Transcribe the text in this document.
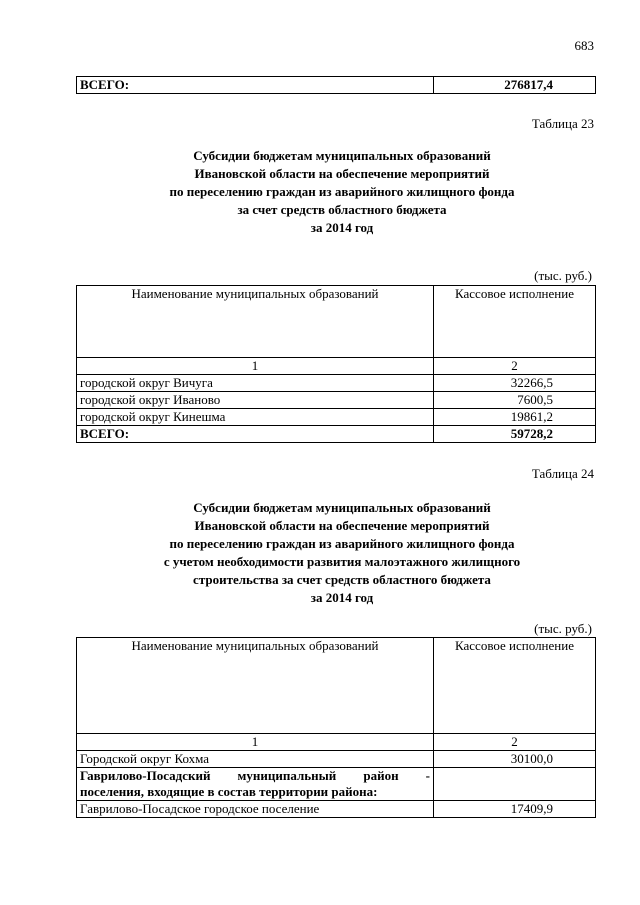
683
ВСЕГО:	276817,4
Таблица 23
Субсидии бюджетам муниципальных образований
Ивановской области на обеспечение мероприятий
по переселению граждан из аварийного жилищного фонда
за счет средств областного бюджета
за 2014 год
(тыс. руб.)
Наименование муниципальных образований	Кассовое исполнение
1	2
городской округ Вичуга	32266,5
городской округ Иваново	7600,5
городской округ Кинешма	19861,2
ВСЕГО:	59728,2
Таблица 24
Субсидии бюджетам муниципальных образований
Ивановской области на обеспечение мероприятий
по переселению граждан из аварийного жилищного фонда
с учетом необходимости развития малоэтажного жилищного
строительства за счет средств областного бюджета
за 2014 год
(тыс. руб.)
Наименование муниципальных образований	Кассовое исполнение
1	2
Городской округ Кохма	30100,0

Гаврилово-Посадский муниципальный район -
поселения, входящие в состав территории района:	

Гаврилово-Посадское городское поселение	17409,9
